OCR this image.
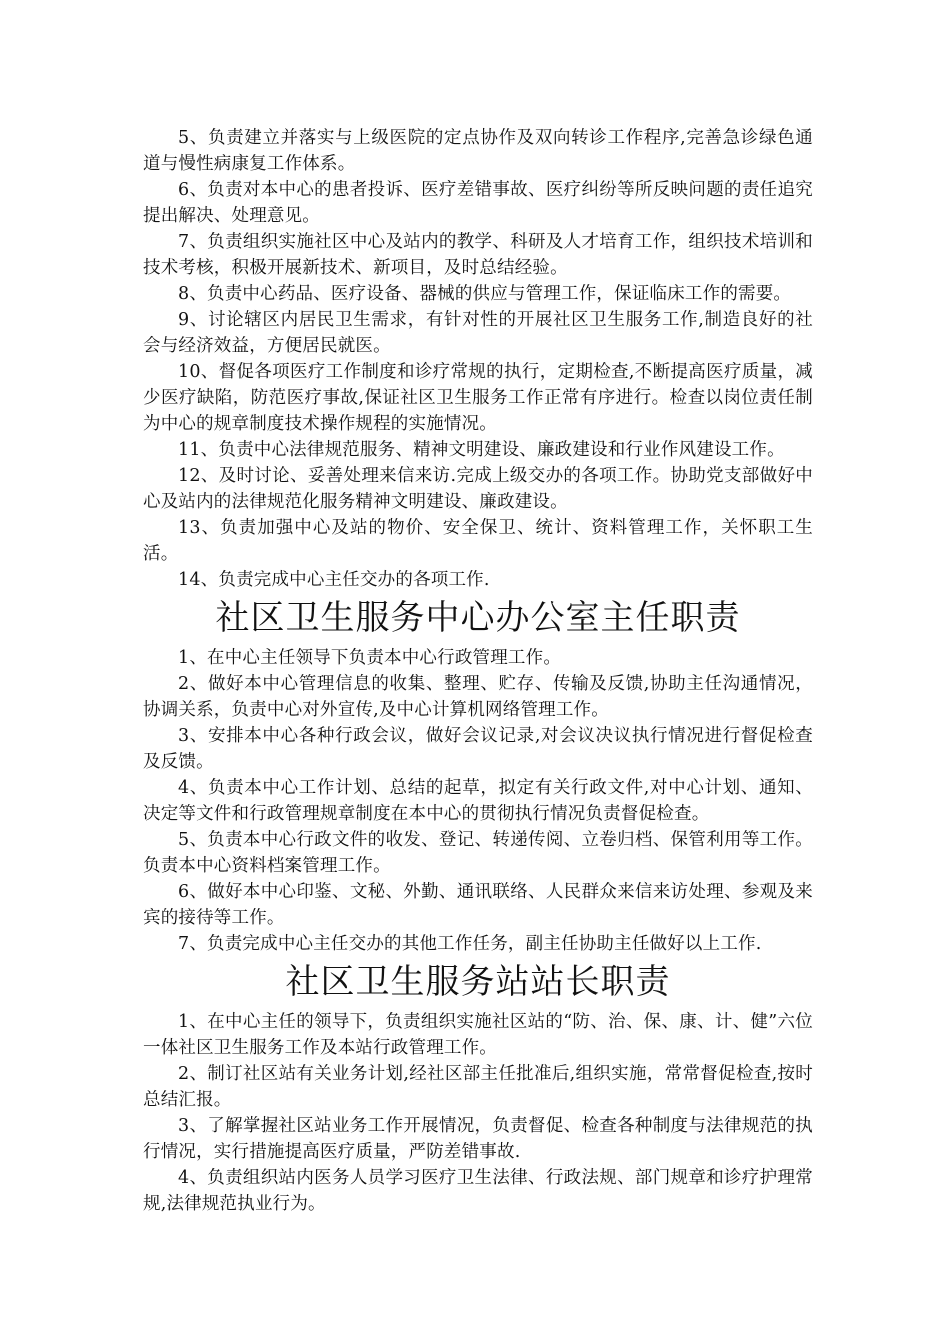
5、负责建立并落实与上级医院的定点协作及双向转诊工作程序,完善急诊绿色通道与慢性病康复工作体系。

6、负责对本中心的患者投诉、医疗差错事故、医疗纠纷等所反映问题的责任追究提出解决、处理意见。

7、负责组织实施社区中心及站内的教学、科研及人才培育工作，组织技术培训和技术考核，积极开展新技术、新项目，及时总结经验。

8、负责中心药品、医疗设备、器械的供应与管理工作，保证临床工作的需要。

9、讨论辖区内居民卫生需求，有针对性的开展社区卫生服务工作,制造良好的社会与经济效益，方便居民就医。

10、督促各项医疗工作制度和诊疗常规的执行，定期检查,不断提高医疗质量，减少医疗缺陷，防范医疗事故,保证社区卫生服务工作正常有序进行。检查以岗位责任制为中心的规章制度技术操作规程的实施情况。

11、负责中心法律规范服务、精神文明建设、廉政建设和行业作风建设工作。

12、及时讨论、妥善处理来信来访.完成上级交办的各项工作。协助党支部做好中心及站内的法律规范化服务精神文明建设、廉政建设。

13、负责加强中心及站的物价、安全保卫、统计、资料管理工作，关怀职工生活。

14、负责完成中心主任交办的各项工作.

社区卫生服务中心办公室主任职责

1、在中心主任领导下负责本中心行政管理工作。

2、做好本中心管理信息的收集、整理、贮存、传输及反馈,协助主任沟通情况，协调关系，负责中心对外宣传,及中心计算机网络管理工作。

3、安排本中心各种行政会议，做好会议记录,对会议决议执行情况进行督促检查及反馈。

4、负责本中心工作计划、总结的起草，拟定有关行政文件,对中心计划、通知、决定等文件和行政管理规章制度在本中心的贯彻执行情况负责督促检查。

5、负责本中心行政文件的收发、登记、转递传阅、立卷归档、保管利用等工作。负责本中心资料档案管理工作。

6、做好本中心印鉴、文秘、外勤、通讯联络、人民群众来信来访处理、参观及来宾的接待等工作。

7、负责完成中心主任交办的其他工作任务，副主任协助主任做好以上工作.

社区卫生服务站站长职责

1、在中心主任的领导下，负责组织实施社区站的“防、治、保、康、计、健”六位一体社区卫生服务工作及本站行政管理工作。

2、制订社区站有关业务计划,经社区部主任批准后,组织实施，常常督促检查,按时总结汇报。

3、了解掌握社区站业务工作开展情况，负责督促、检查各种制度与法律规范的执行情况，实行措施提高医疗质量，严防差错事故.

4、负责组织站内医务人员学习医疗卫生法律、行政法规、部门规章和诊疗护理常规,法律规范执业行为。
